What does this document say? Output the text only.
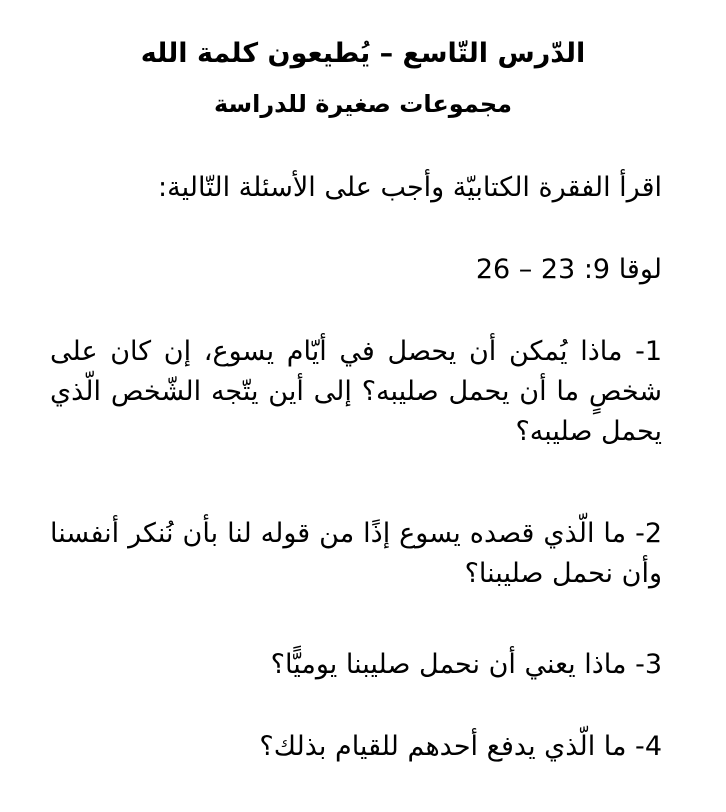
الدّرس التّاسع – يُطيعون كلمة الله
مجموعات صغيرة للدراسة

اقرأ الفقرة الكتابيّة وأجب على الأسئلة التّالية:

لوقا 9: 23 – 26

1- ماذا يُمكن أن يحصل في أيّام يسوع، إن كان على شخصٍ ما أن يحمل صليبه؟ إلى أين يتّجه الشّخص الّذي يحمل صليبه؟

2- ما الّذي قصده يسوع إذًا من قوله لنا بأن نُنكر أنفسنا وأن نحمل صليبنا؟

3- ماذا يعني أن نحمل صليبنا يوميًّا؟

4- ما الّذي يدفع أحدهم للقيام بذلك؟
